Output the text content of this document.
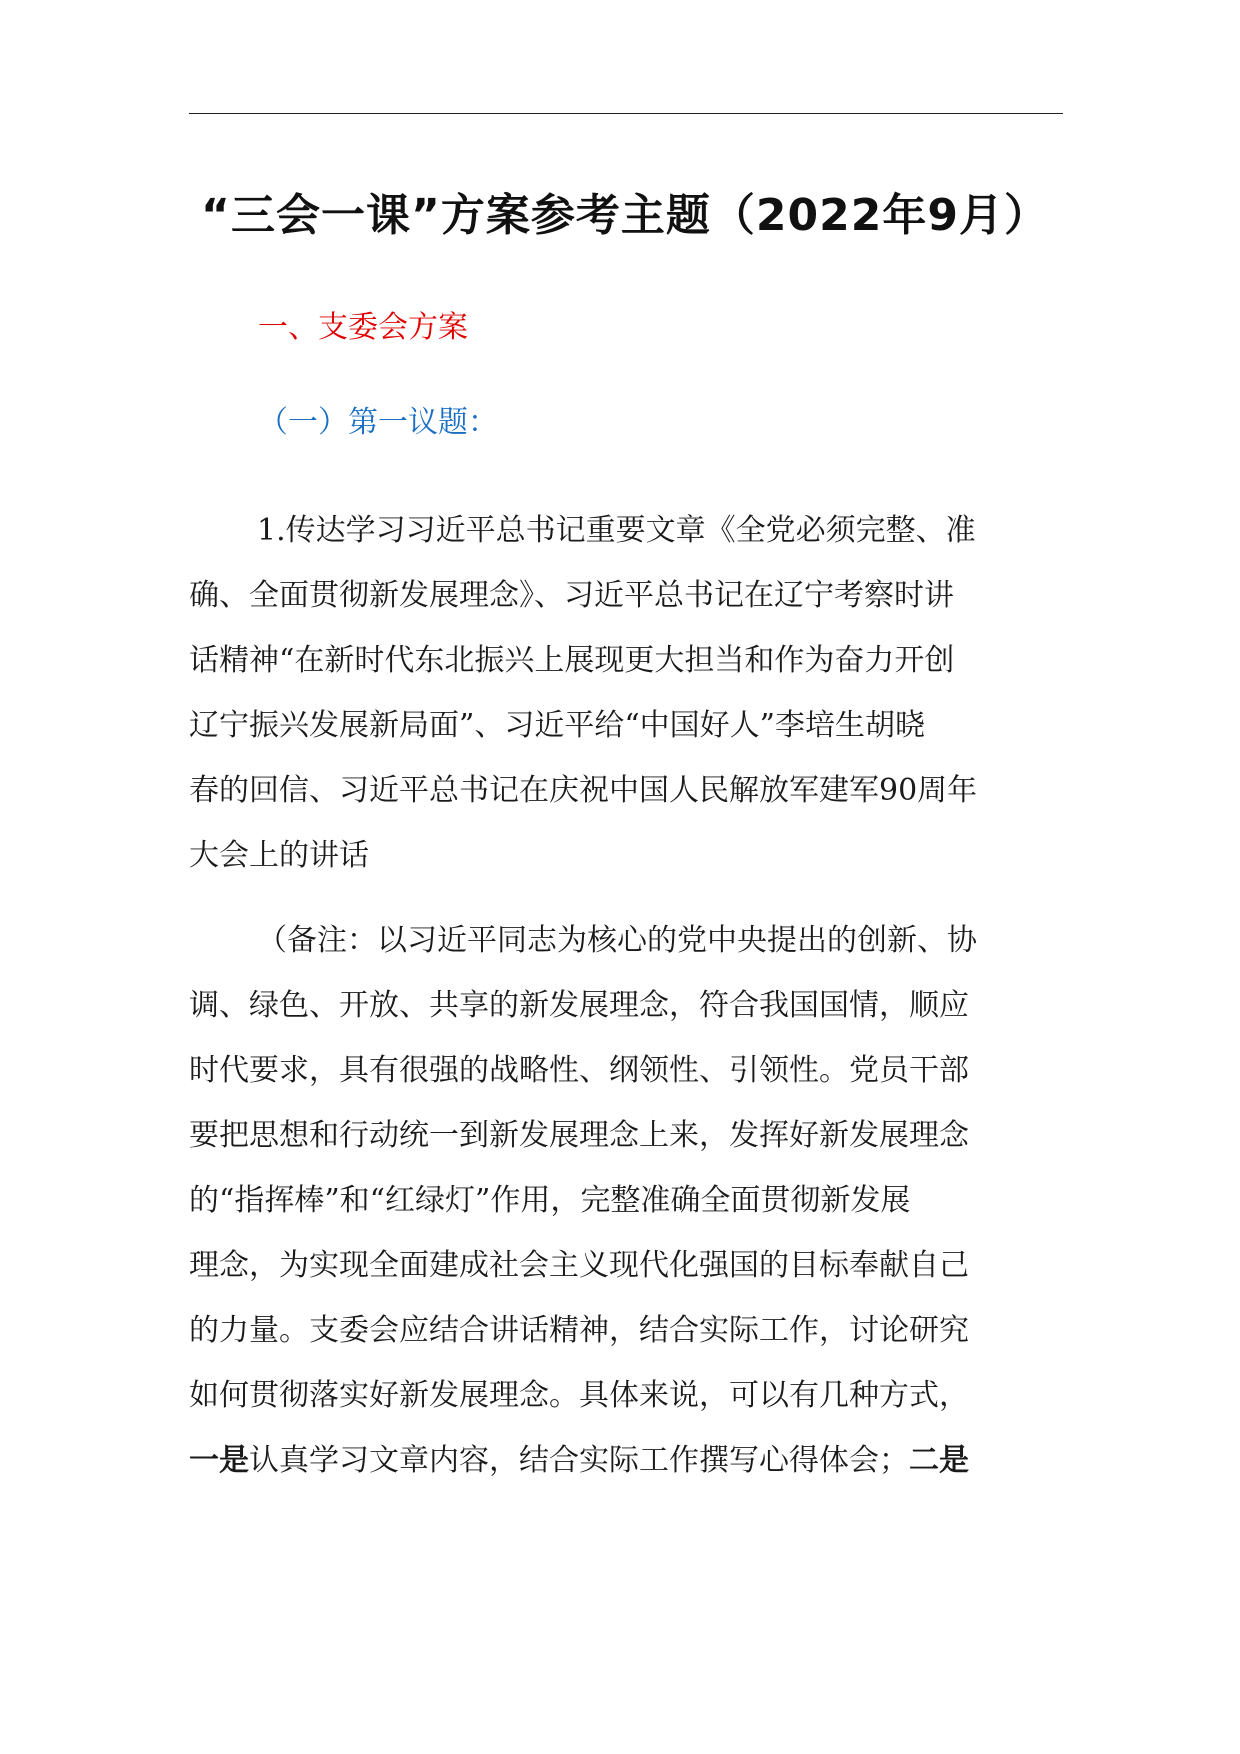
“三会一课”方案参考主题（2022年9月）
一、支委会方案
（一）第一议题：
1.传达学习习近平总书记重要文章《全党必须完整、准
确、全面贯彻新发展理念》、习近平总书记在辽宁考察时讲
话精神“在新时代东北振兴上展现更大担当和作为奋力开创
辽宁振兴发展新局面”、习近平给“中国好人”李培生胡晓
春的回信、习近平总书记在庆祝中国人民解放军建军90周年
大会上的讲话
（备注：以习近平同志为核心的党中央提出的创新、协
调、绿色、开放、共享的新发展理念，符合我国国情，顺应
时代要求，具有很强的战略性、纲领性、引领性。党员干部
要把思想和行动统一到新发展理念上来，发挥好新发展理念
的“指挥棒”和“红绿灯”作用，完整准确全面贯彻新发展
理念，为实现全面建成社会主义现代化强国的目标奉献自己
的力量。支委会应结合讲话精神，结合实际工作，讨论研究
如何贯彻落实好新发展理念。具体来说，可以有几种方式，
一是认真学习文章内容，结合实际工作撰写心得体会；二是
